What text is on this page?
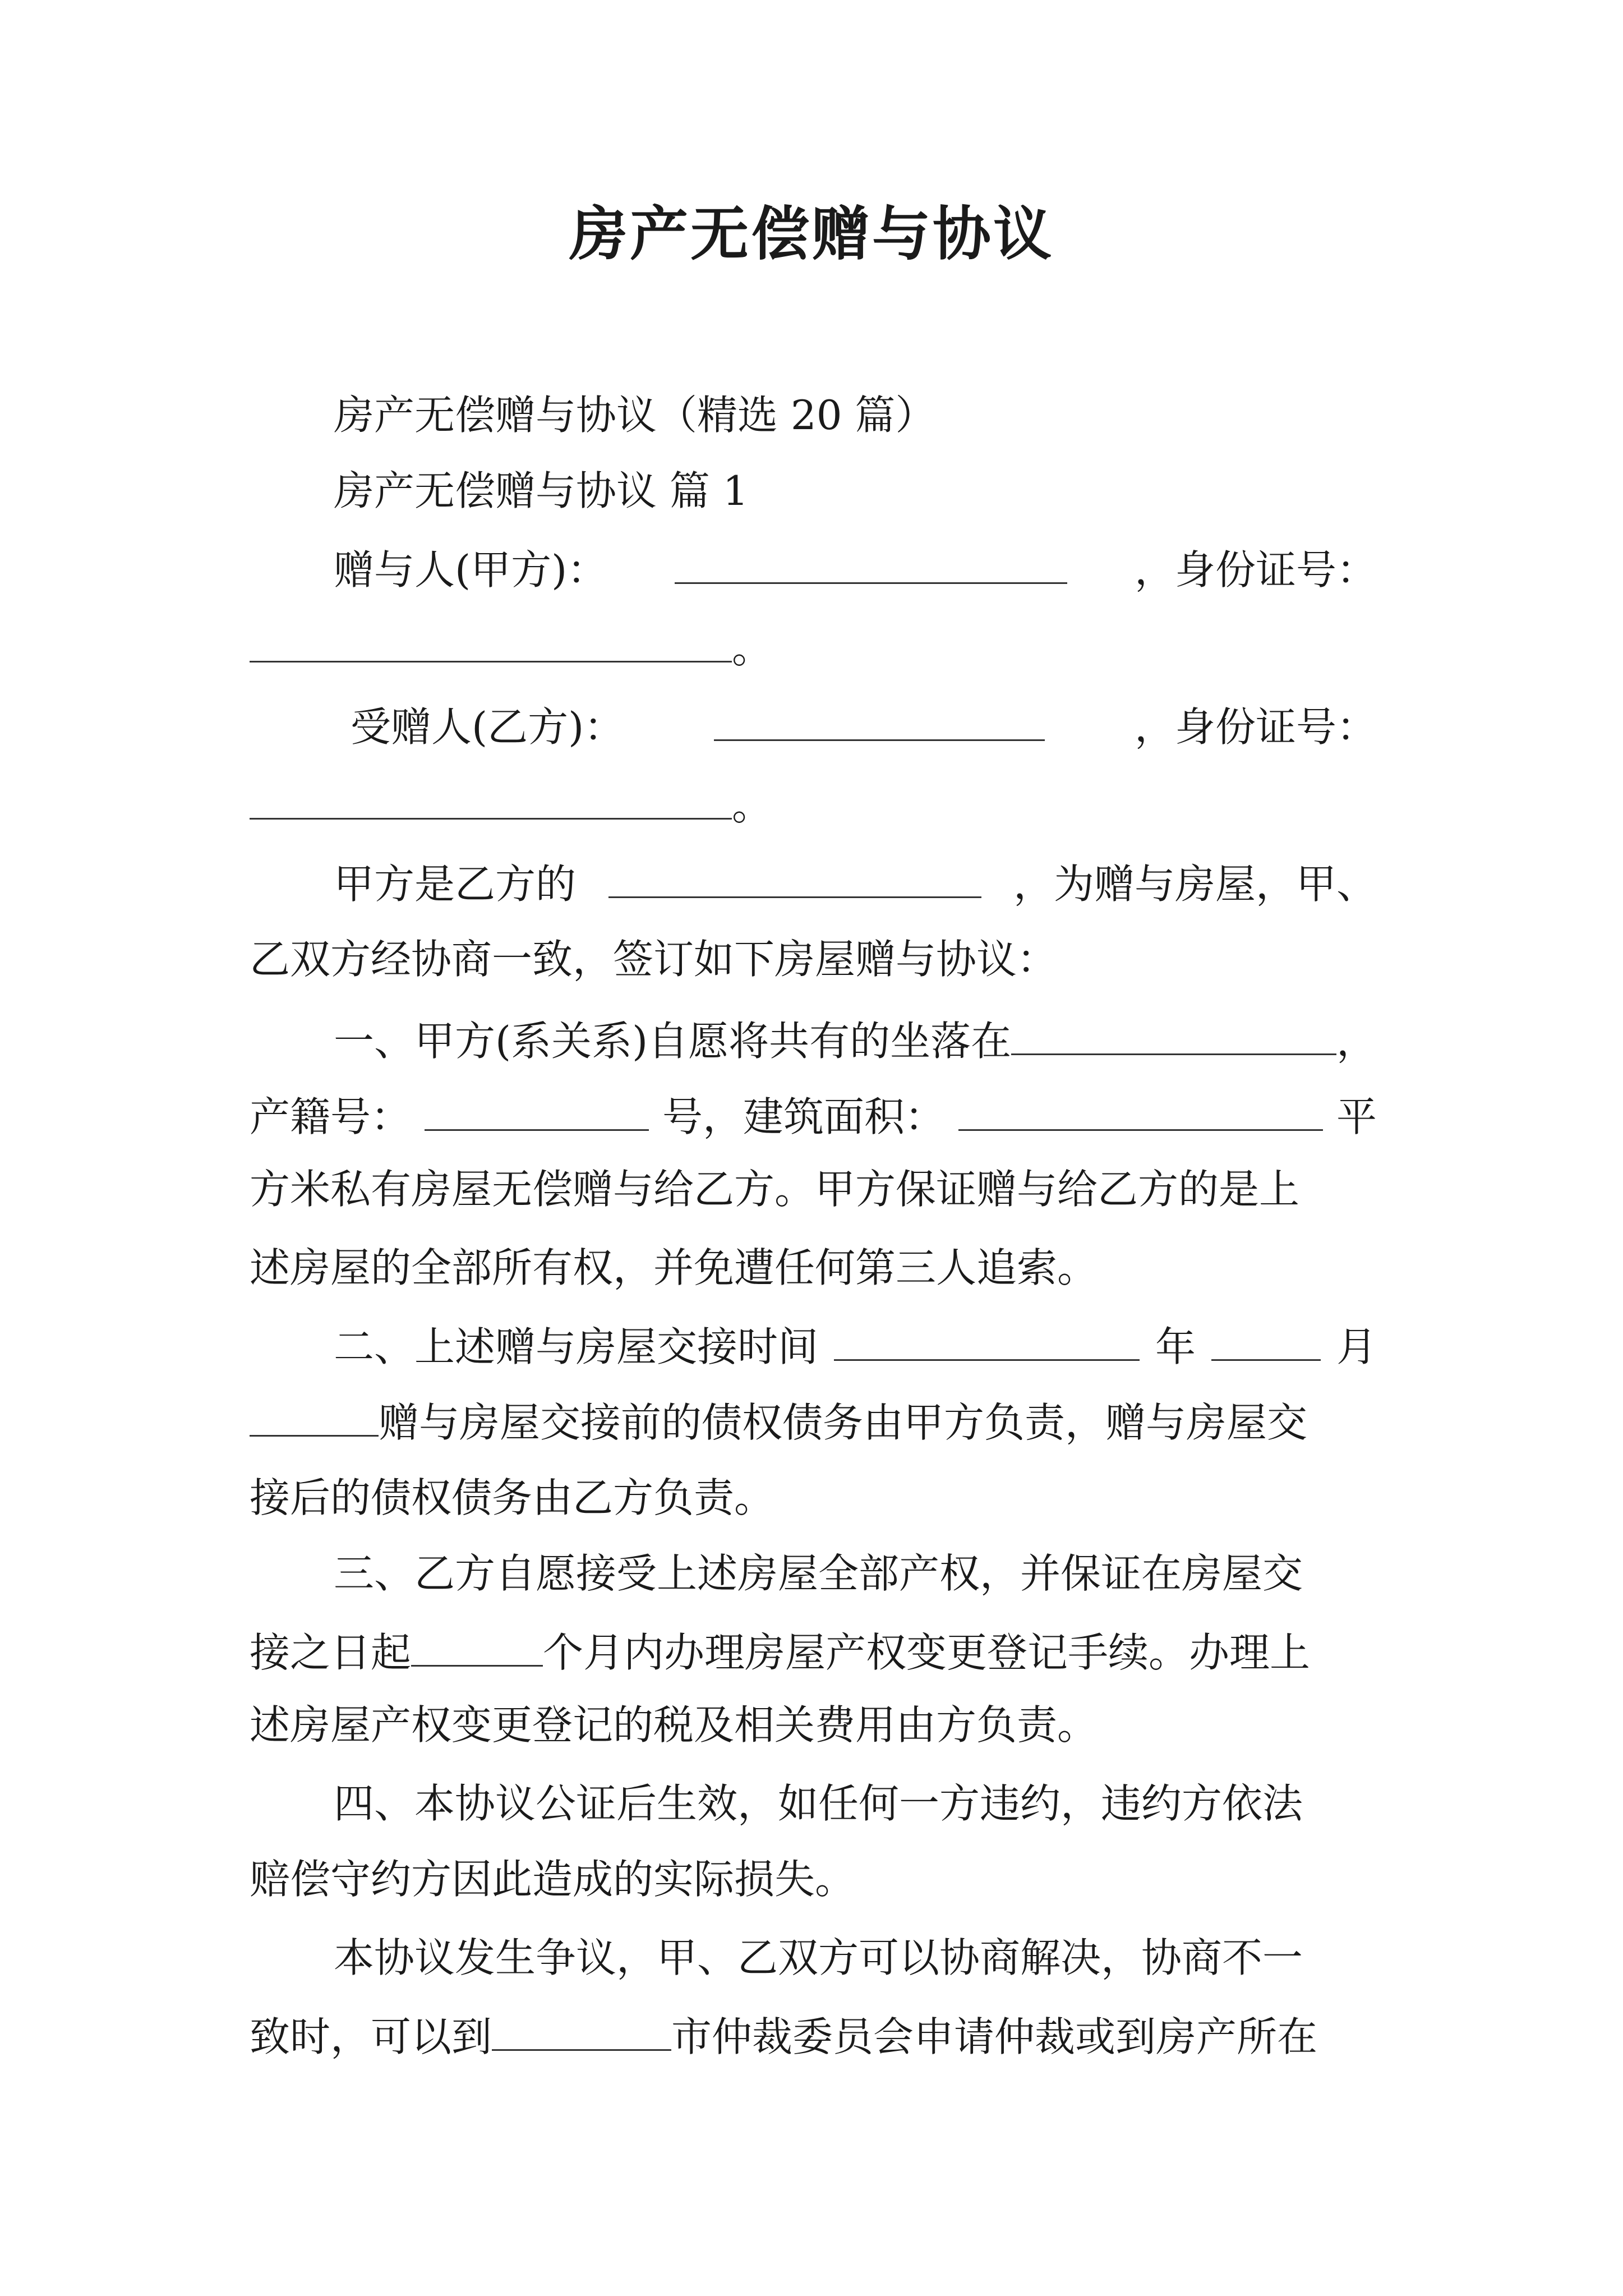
房产无偿赠与协议
房产无偿赠与协议（精选 20 篇）
房产无偿赠与协议 篇 1
赠与人(甲方)：	，身份证号：
。
受赠人(乙方)：	，身份证号：
。
甲方是乙方的	，为赠与房屋，甲、
乙双方经协商一致，签订如下房屋赠与协议：
一、甲方(系关系)自愿将共有的坐落在	，
产籍号：	号，建筑面积：	平
方米私有房屋无偿赠与给乙方。甲方保证赠与给乙方的是上
述房屋的全部所有权，并免遭任何第三人追索。
二、上述赠与房屋交接时间	年	月
赠与房屋交接前的债权债务由甲方负责，赠与房屋交
接后的债权债务由乙方负责。
三、乙方自愿接受上述房屋全部产权，并保证在房屋交
接之日起	个月内办理房屋产权变更登记手续。办理上
述房屋产权变更登记的税及相关费用由方负责。
四、本协议公证后生效，如任何一方违约，违约方依法
赔偿守约方因此造成的实际损失。
本协议发生争议，甲、乙双方可以协商解决，协商不一
致时，可以到	市仲裁委员会申请仲裁或到房产所在
